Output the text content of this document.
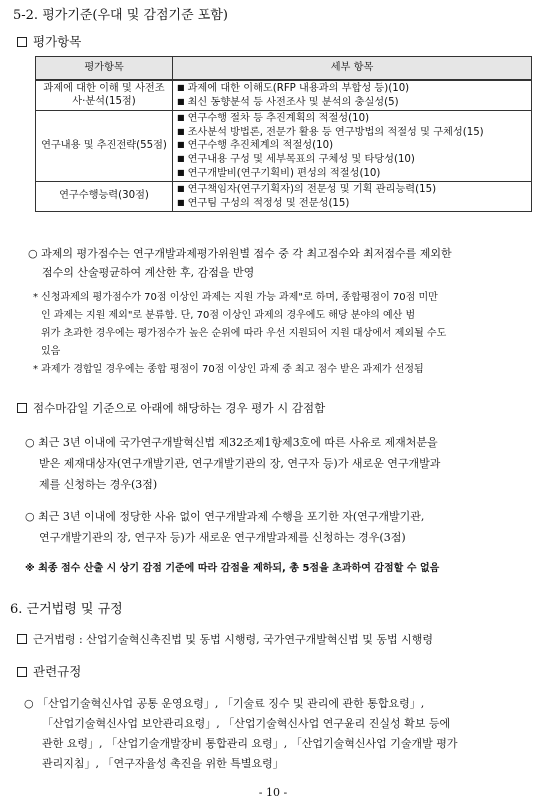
5-2. 평가기준(우대 및 감점기준 포함)
평가항목
평가항목	세부 항목
과제에 대한 이해 및 사전조사·분석(15점)	■ 과제에 대한 이해도(RFP 내용과의 부합성 등)(10)
■ 최신 동향분석 등 사전조사 및 분석의 충실성(5)

연구내용 및 추진전략(55점)	■ 연구수행 절차 등 추진계획의 적절성(10)
■ 조사분석 방법론, 전문가 활용 등 연구방법의 적절성 및 구체성(15)
■ 연구수행 추진체계의 적절성(10)
■ 연구내용 구성 및 세부목표의 구체성 및 타당성(10)
■ 연구개발비(연구기획비) 편성의 적절성(10)

연구수행능력(30점)	■ 연구책임자(연구기획자)의 전문성 및 기획 관리능력(15)
■ 연구팀 구성의 적정성 및 전문성(15)
○ 과제의 평가점수는 연구개발과제평가위원별 점수 중 각 최고점수와 최저점수를 제외한
점수의 산술평균하여 계산한 후, 감점을 반영
* 신청과제의 평가점수가 70점 이상인 과제는 지원 가능 과제"로 하며, 종합평점이 70점 미만
인 과제는 지원 제외"로 분류함. 단, 70점 이상인 과제의 경우에도 해당 분야의 예산 범
위가 초과한 경우에는 평가점수가 높은 순위에 따라 우선 지원되어 지원 대상에서 제외될 수도
있음
* 과제가 경합일 경우에는 종합 평점이 70점 이상인 과제 중 최고 점수 받은 과제가 선정됨
점수마감일 기준으로 아래에 해당하는 경우 평가 시 감점함
○ 최근 3년 이내에 국가연구개발혁신법 제32조제1항제3호에 따른 사유로 제재처분을
받은 제재대상자(연구개발기관, 연구개발기관의 장, 연구자 등)가 새로운 연구개발과
제를 신청하는 경우(3점)
○ 최근 3년 이내에 정당한 사유 없이 연구개발과제 수행을 포기한 자(연구개발기관,
연구개발기관의 장, 연구자 등)가 새로운 연구개발과제를 신청하는 경우(3점)
※ 최종 점수 산출 시 상기 감점 기준에 따라 감점을 제하되, 총 5점을 초과하여 감점할 수 없음
6. 근거법령 및 규정
근거법령 : 산업기술혁신촉진법 및 동법 시행령, 국가연구개발혁신법 및 동법 시행령
관련규정
○ 「산업기술혁신사업 공통 운영요령」, 「기술료 징수 및 관리에 관한 통합요령」,
「산업기술혁신사업 보안관리요령」, 「산업기술혁신사업 연구윤리 진실성 확보 등에
관한 요령」, 「산업기술개발장비 통합관리 요령」, 「산업기술혁신사업 기술개발 평가
관리지침」, 「연구자율성 촉진을 위한 특별요령」
- 10 -
